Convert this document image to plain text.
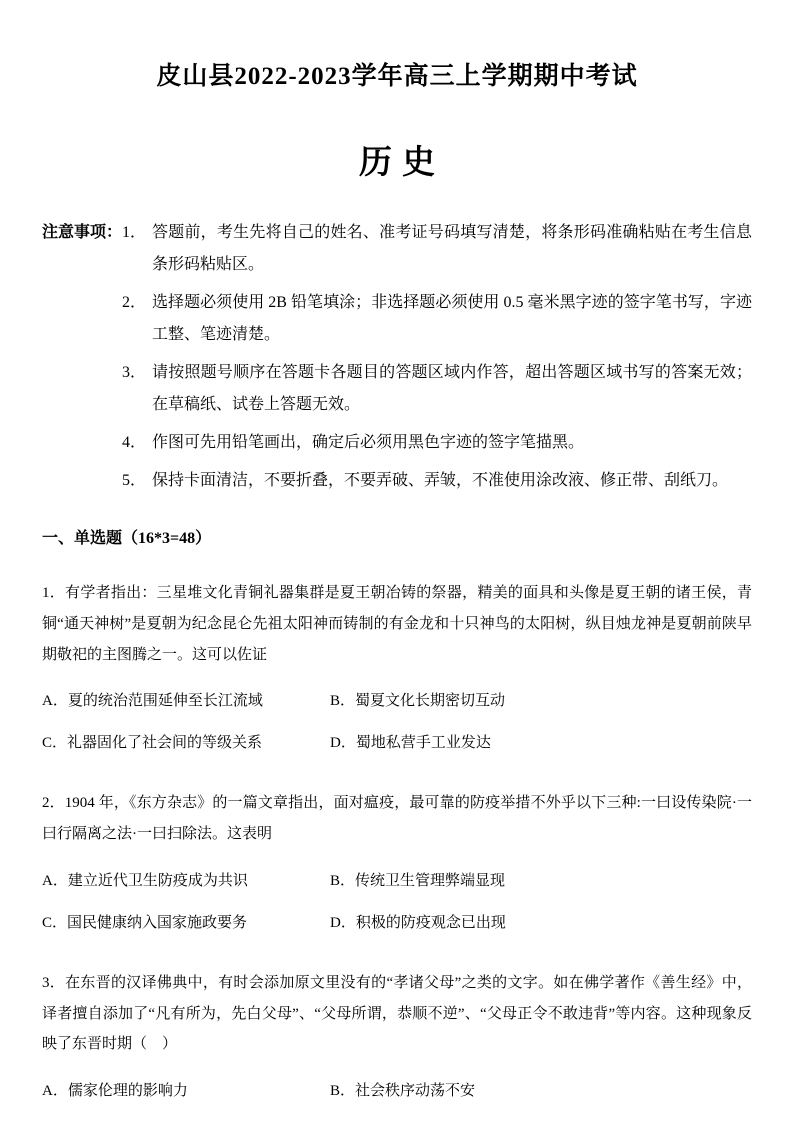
皮山县2022-2023学年高三上学期期中考试
历史
注意事项： 1． 答题前，考生先将自己的姓名、准考证号码填写清楚，将条形码准确粘贴在考生信息条形码粘贴区。
2． 选择题必须使用 2B 铅笔填涂；非选择题必须使用 0.5 毫米黑字迹的签字笔书写，字迹工整、笔迹清楚。
3． 请按照题号顺序在答题卡各题目的答题区域内作答，超出答题区域书写的答案无效；在草稿纸、试卷上答题无效。
4． 作图可先用铅笔画出，确定后必须用黑色字迹的签字笔描黑。
5． 保持卡面清洁，不要折叠，不要弄破、弄皱，不准使用涂改液、修正带、刮纸刀。
一、单选题（16*3=48）

1．有学者指出：三星堆文化青铜礼器集群是夏王朝冶铸的祭器，精美的面具和头像是夏王朝的诸王侯，青铜“通天神树”是夏朝为纪念昆仑先祖太阳神而铸制的有金龙和十只神鸟的太阳树，纵目烛龙神是夏朝前陕早期敬祀的主图腾之一。这可以佐证

A．夏的统治范围延伸至长江流域	B．蜀夏文化长期密切互动
C．礼器固化了社会间的等级关系	D．蜀地私营手工业发达

2．1904 年，《东方杂志》的一篇文章指出，面对瘟疫，最可靠的防疫举措不外乎以下三种:一曰设传染院·一曰行隔离之法·一曰扫除法。这表明

A．建立近代卫生防疫成为共识	B．传统卫生管理弊端显现
C．国民健康纳入国家施政要务	D．积极的防疫观念已出现

3．在东晋的汉译佛典中，有时会添加原文里没有的“孝诸父母”之类的文字。如在佛学著作《善生经》中，译者擅自添加了“凡有所为，先白父母”、“父母所谓，恭顺不逆”、“父母正令不敢违背”等内容。这种现象反映了东晋时期（　）

A．儒家伦理的影响力	B．社会秩序动荡不安
